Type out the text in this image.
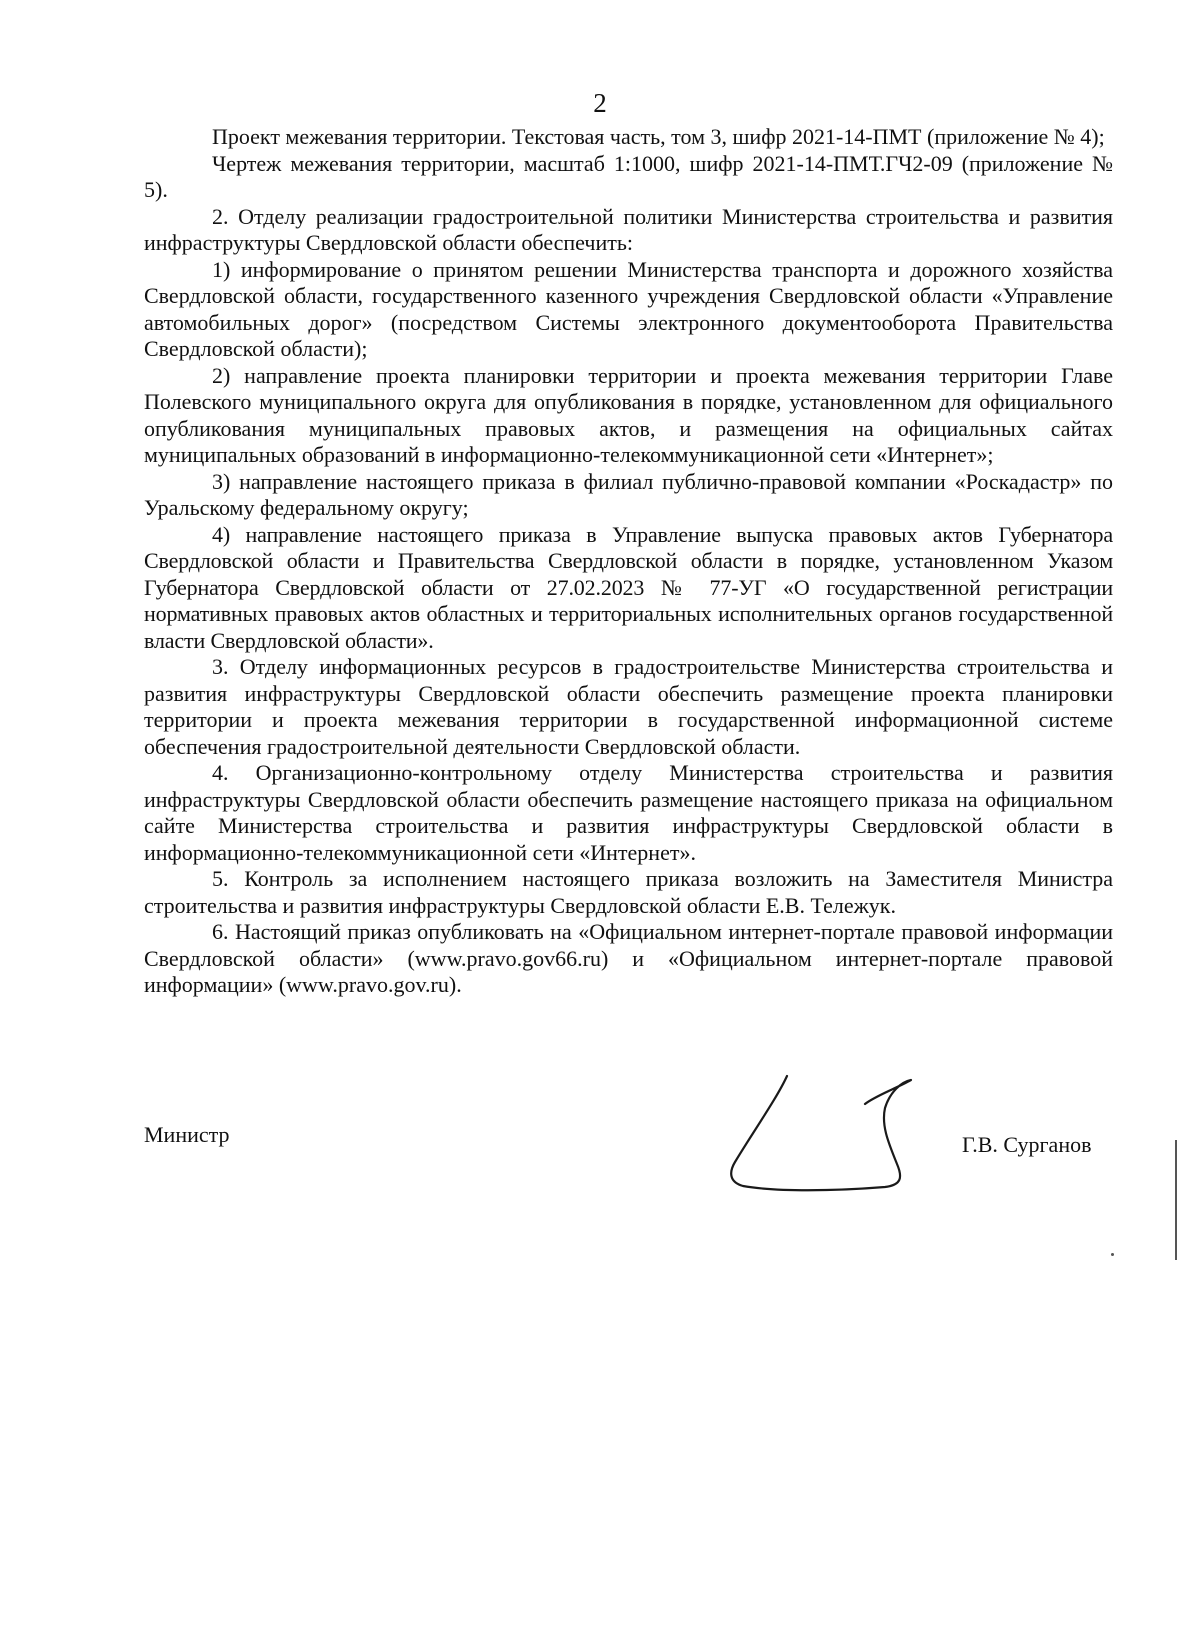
2

Проект межевания территории. Текстовая часть, том 3, шифр 2021-14-ПМТ (приложение № 4);

Чертеж межевания территории, масштаб 1:1000, шифр 2021-14-ПМТ.ГЧ2-09 (приложение № 5).

2. Отделу реализации градостроительной политики Министерства строительства и развития инфраструктуры Свердловской области обеспечить:

1) информирование о принятом решении Министерства транспорта и дорожного хозяйства Свердловской области, государственного казенного учреждения Свердловской области «Управление автомобильных дорог» (посредством Системы электронного документооборота Правительства Свердловской области);

2) направление проекта планировки территории и проекта межевания территории Главе Полевского муниципального округа для опубликования в порядке, установленном для официального опубликования муниципальных правовых актов, и размещения на официальных сайтах муниципальных образований в информационно-телекоммуникационной сети «Интернет»;

3) направление настоящего приказа в филиал публично-правовой компании «Роскадастр» по Уральскому федеральному округу;

4) направление настоящего приказа в Управление выпуска правовых актов Губернатора Свердловской области и Правительства Свердловской области в порядке, установленном Указом Губернатора Свердловской области от 27.02.2023 № 77-УГ «О государственной регистрации нормативных правовых актов областных и территориальных исполнительных органов государственной власти Свердловской области».

3. Отделу информационных ресурсов в градостроительстве Министерства строительства и развития инфраструктуры Свердловской области обеспечить размещение проекта планировки территории и проекта межевания территории в государственной информационной системе обеспечения градостроительной деятельности Свердловской области.

4. Организационно-контрольному отделу Министерства строительства и развития инфраструктуры Свердловской области обеспечить размещение настоящего приказа на официальном сайте Министерства строительства и развития инфраструктуры Свердловской области в информационно-телекоммуникационной сети «Интернет».

5. Контроль за исполнением настоящего приказа возложить на Заместителя Министра строительства и развития инфраструктуры Свердловской области Е.В. Тележук.

6. Настоящий приказ опубликовать на «Официальном интернет-портале правовой информации Свердловской области» (www.pravo.gov66.ru) и «Официальном интернет-портале правовой информации» (www.pravo.gov.ru).

Министр	Г.В. Сурганов
